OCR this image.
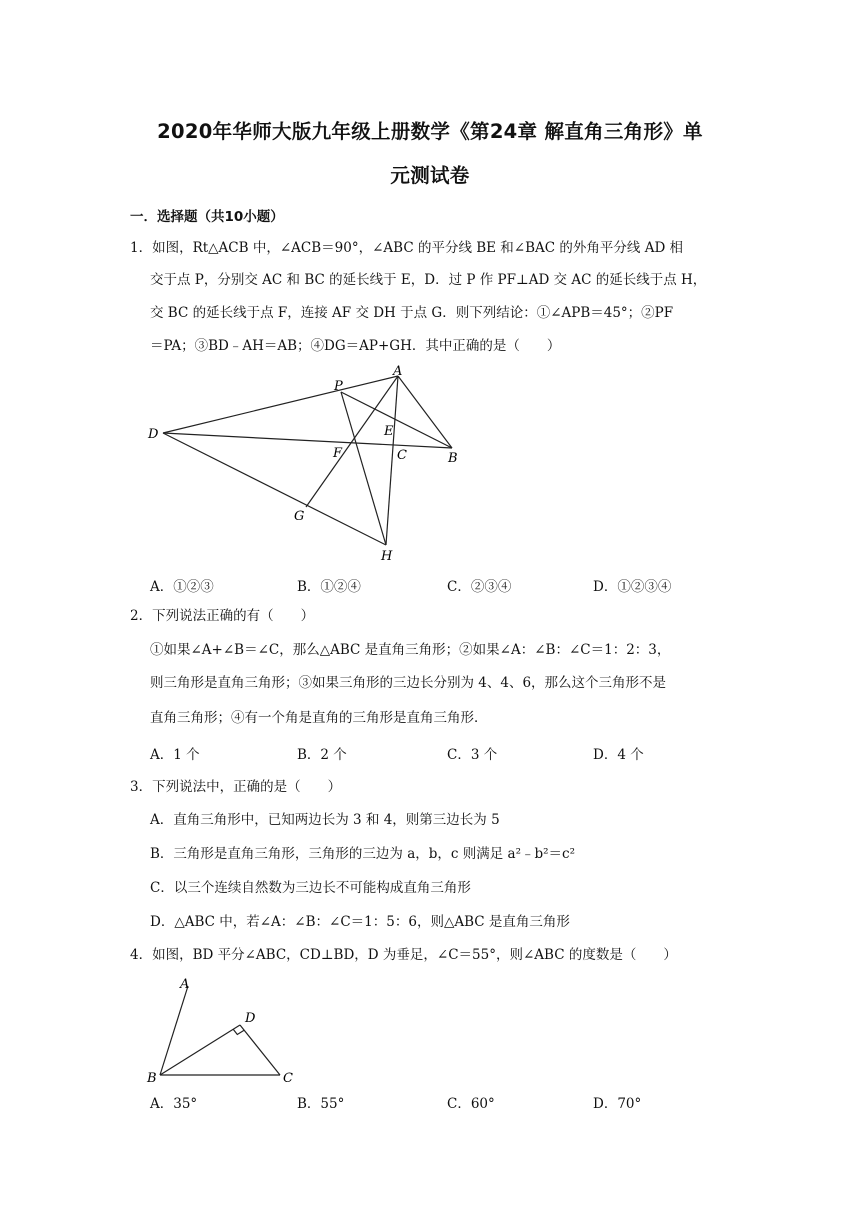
2020年华师大版九年级上册数学《第24章 解直角三角形》单
元测试卷
一．选择题（共10小题）
1．如图，Rt△ACB 中，∠ACB＝90°，∠ABC 的平分线 BE 和∠BAC 的外角平分线 AD 相
交于点 P，分别交 AC 和 BC 的延长线于 E，D．过 P 作 PF⊥AD 交 AC 的延长线于点 H，
交 BC 的延长线于点 F，连接 AF 交 DH 于点 G．则下列结论：①∠APB＝45°；②PF
＝PA；③BD﹣AH＝AB；④DG＝AP+GH．其中正确的是（　　）
D
P
A
E
F	C	B
G
H
A．①②③	B．①②④	C．②③④	D．①②③④
2．下列说法正确的有（　　）
①如果∠A+∠B＝∠C，那么△ABC 是直角三角形；②如果∠A：∠B：∠C＝1：2：3，
则三角形是直角三角形；③如果三角形的三边长分别为 4、4、6，那么这个三角形不是
直角三角形；④有一个角是直角的三角形是直角三角形．
A．1 个	B．2 个	C．3 个	D．4 个
3．下列说法中，正确的是（　　）
A．直角三角形中，已知两边长为 3 和 4，则第三边长为 5
B．三角形是直角三角形，三角形的三边为 a，b，c 则满足 a²﹣b²＝c²
C．以三个连续自然数为三边长不可能构成直角三角形
D．△ABC 中，若∠A：∠B：∠C＝1：5：6，则△ABC 是直角三角形
4．如图，BD 平分∠ABC，CD⊥BD，D 为垂足，∠C＝55°，则∠ABC 的度数是（　　）
A
D
B	C
A．35°	B．55°	C．60°	D．70°
